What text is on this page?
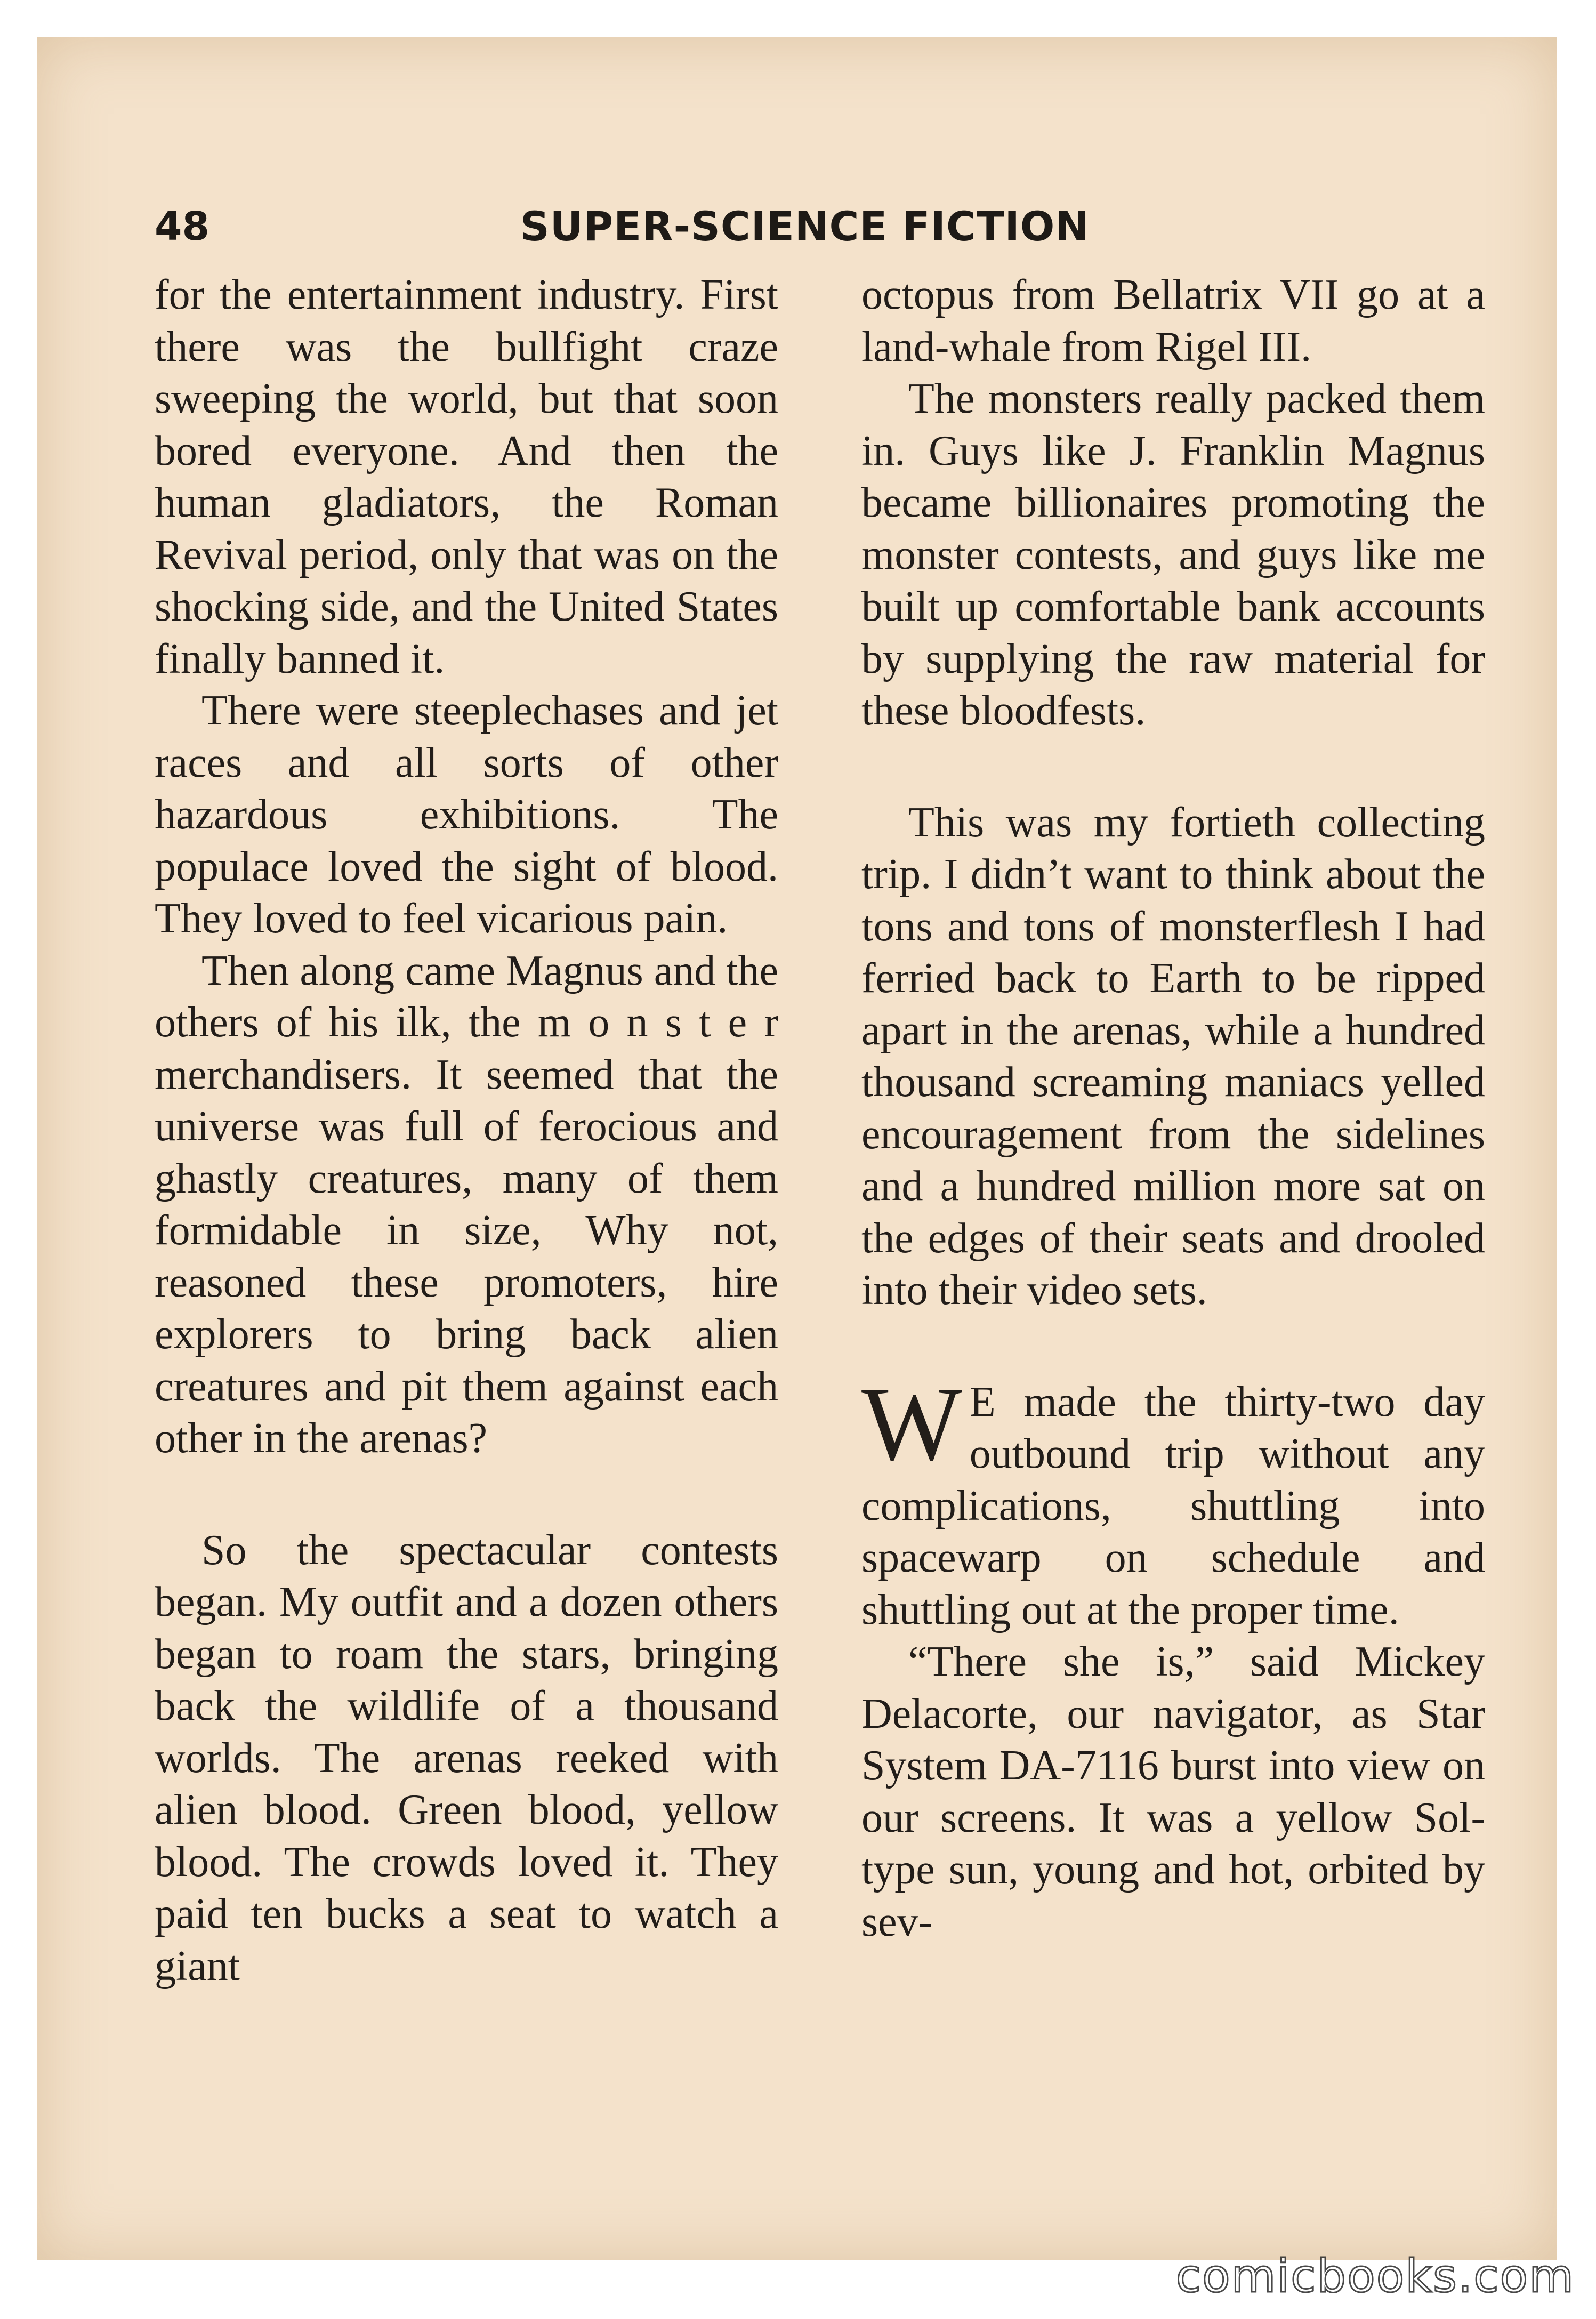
48	SUPER-SCIENCE FICTION

for the entertainment industry. First there was the bullfight craze sweeping the world, but that soon bored everyone. And then the human gladiators, the Roman Revival period, only that was on the shocking side, and the United States finally banned it.

There were steeplechases and jet races and all sorts of other hazardous exhibitions. The populace loved the sight of blood. They loved to feel vicarious pain.

Then along came Magnus and the others of his ilk, the m o n s t e r merchandisers. It seemed that the universe was full of ferocious and ghastly creatures, many of them formidable in size, Why not, reasoned these promoters, hire explorers to bring back alien creatures and pit them against each other in the arenas?

So the spectacular contests began. My outfit and a dozen others began to roam the stars, bringing back the wildlife of a thousand worlds. The arenas reeked with alien blood. Green blood, yellow blood. The crowds loved it. They paid ten bucks a seat to watch a giant

octopus from Bellatrix VII go at a land-whale from Rigel III.

The monsters really packed them in. Guys like J. Franklin Magnus became billionaires promoting the monster contests, and guys like me built up comfortable bank accounts by supplying the raw material for these bloodfests.

This was my fortieth collecting trip. I didn’t want to think about the tons and tons of monsterflesh I had ferried back to Earth to be ripped apart in the arenas, while a hundred thousand screaming maniacs yelled encouragement from the sidelines and a hundred million more sat on the edges of their seats and drooled into their video sets.

W E made the thirty-two day outbound trip without any complications, shuttling into spacewarp on schedule and shuttling out at the proper time.

“There she is,” said Mickey Delacorte, our navigator, as Star System DA-7116 burst into view on our screens. It was a yellow Sol-type sun, young and hot, orbited by sev-

comicbooks.com
